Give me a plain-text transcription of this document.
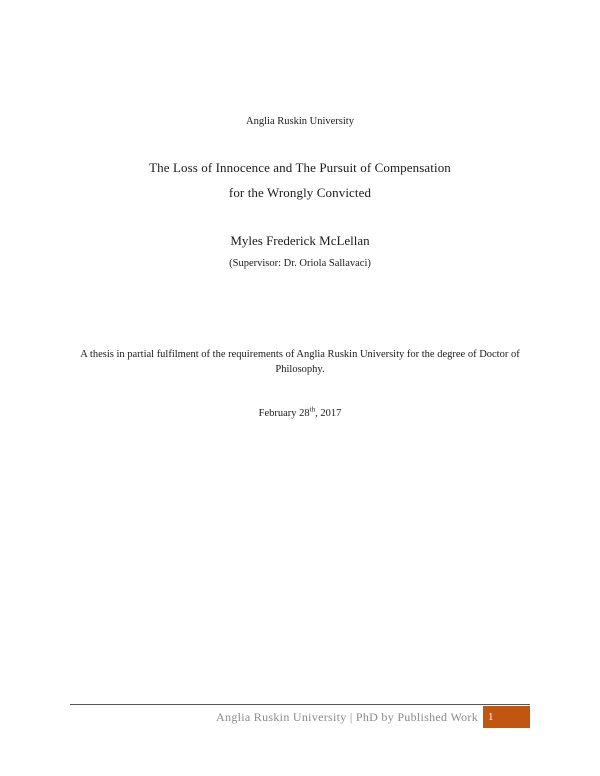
Anglia Ruskin University
The Loss of Innocence and The Pursuit of Compensation
for the Wrongly Convicted
Myles Frederick McLellan
(Supervisor: Dr. Oriola Sallavaci)
A thesis in partial fulfilment of the requirements of Anglia Ruskin University for the degree of Doctor of Philosophy.
February 28th, 2017
Anglia Ruskin University | PhD by Published Work 1
